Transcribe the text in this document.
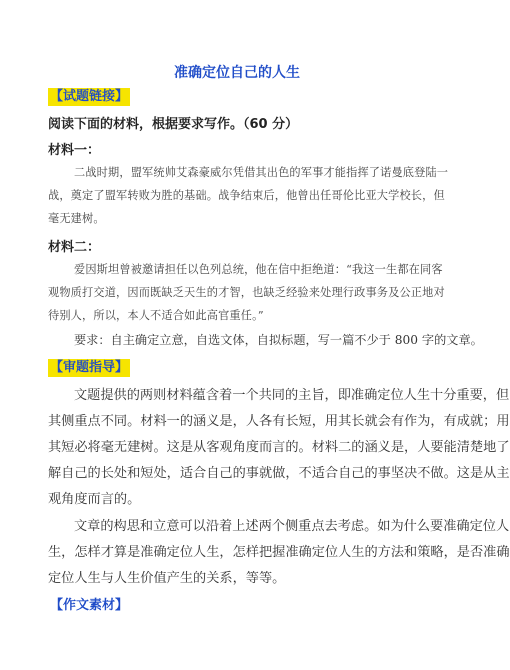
准确定位自己的人生
【试题链接】
阅读下面的材料，根据要求写作。（60 分）
材料一：
二战时期，盟军统帅艾森豪威尔凭借其出色的军事才能指挥了诺曼底登陆一
战，奠定了盟军转败为胜的基础。战争结束后，他曾出任哥伦比亚大学校长，但
毫无建树。
材料二：
爱因斯坦曾被邀请担任以色列总统，他在信中拒绝道：“我这一生都在同客
观物质打交道，因而既缺乏天生的才智，也缺乏经验来处理行政事务及公正地对
待别人，所以，本人不适合如此高官重任。”
要求：自主确定立意，自选文体，自拟标题，写一篇不少于 800 字的文章。
【审题指导】
文题提供的两则材料蕴含着一个共同的主旨，即准确定位人生十分重要，但
其侧重点不同。材料一的涵义是，人各有长短，用其长就会有作为，有成就；用
其短必将毫无建树。这是从客观角度而言的。材料二的涵义是，人要能清楚地了
解自己的长处和短处，适合自己的事就做，不适合自己的事坚决不做。这是从主
观角度而言的。
文章的构思和立意可以沿着上述两个侧重点去考虑。如为什么要准确定位人
生，怎样才算是准确定位人生，怎样把握准确定位人生的方法和策略，是否准确
定位人生与人生价值产生的关系，等等。
【作文素材】
